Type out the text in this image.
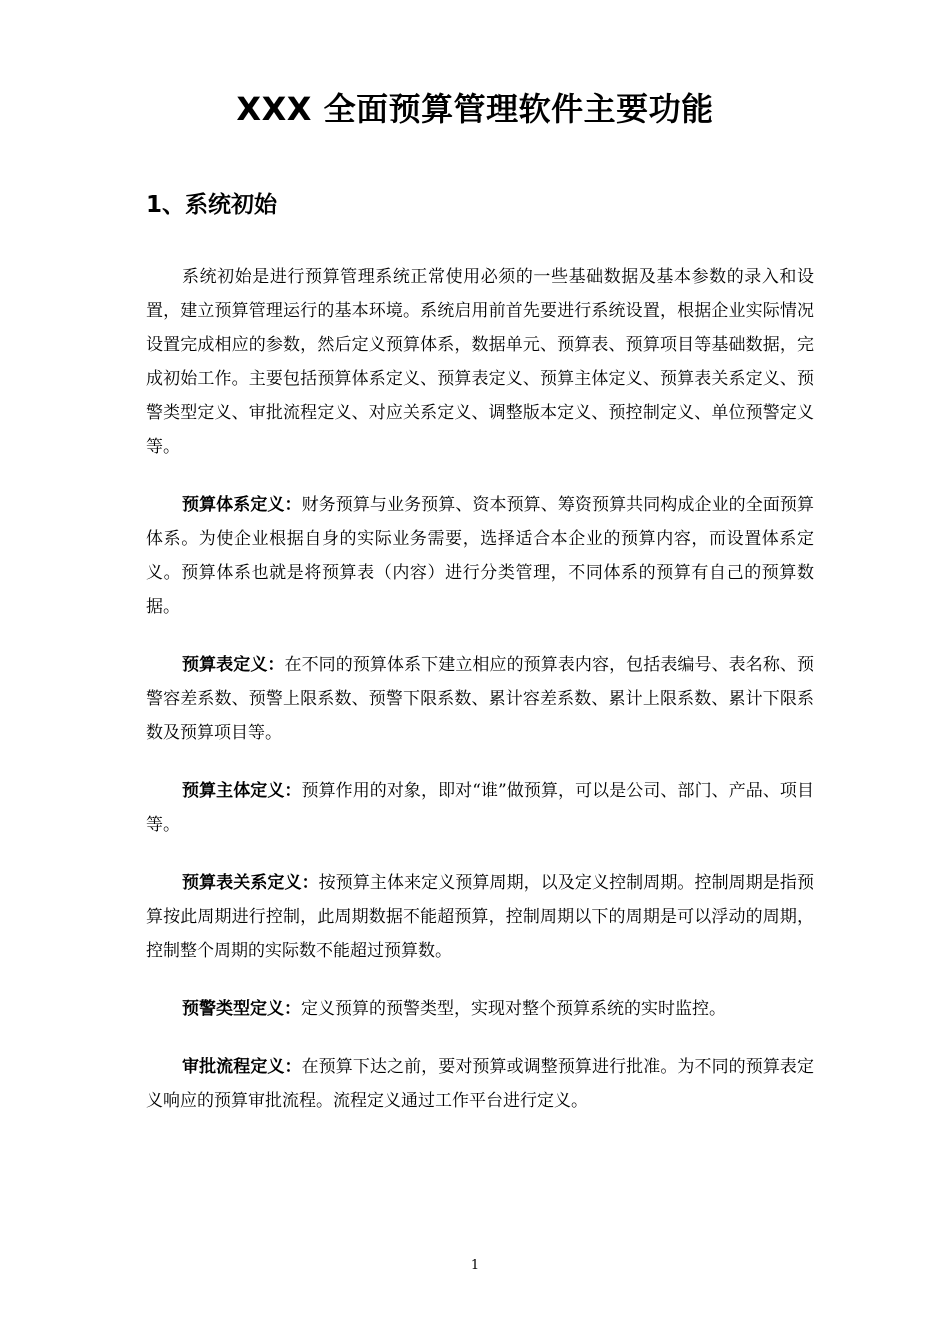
XXX 全面预算管理软件主要功能
1、系统初始

系统初始是进行预算管理系统正常使用必须的一些基础数据及基本参数的录入和设置，建立预算管理运行的基本环境。系统启用前首先要进行系统设置，根据企业实际情况设置完成相应的参数，然后定义预算体系，数据单元、预算表、预算项目等基础数据，完成初始工作。主要包括预算体系定义、预算表定义、预算主体定义、预算表关系定义、预警类型定义、审批流程定义、对应关系定义、调整版本定义、预控制定义、单位预警定义等。

预算体系定义：财务预算与业务预算、资本预算、筹资预算共同构成企业的全面预算体系。为使企业根据自身的实际业务需要，选择适合本企业的预算内容，而设置体系定义。预算体系也就是将预算表（内容）进行分类管理，不同体系的预算有自己的预算数据。

预算表定义：在不同的预算体系下建立相应的预算表内容，包括表编号、表名称、预警容差系数、预警上限系数、预警下限系数、累计容差系数、累计上限系数、累计下限系数及预算项目等。

预算主体定义：预算作用的对象，即对“谁”做预算，可以是公司、部门、产品、项目等。

预算表关系定义：按预算主体来定义预算周期，以及定义控制周期。控制周期是指预算按此周期进行控制，此周期数据不能超预算，控制周期以下的周期是可以浮动的周期，控制整个周期的实际数不能超过预算数。

预警类型定义：定义预算的预警类型，实现对整个预算系统的实时监控。

审批流程定义：在预算下达之前，要对预算或调整预算进行批准。为不同的预算表定义响应的预算审批流程。流程定义通过工作平台进行定义。

1
